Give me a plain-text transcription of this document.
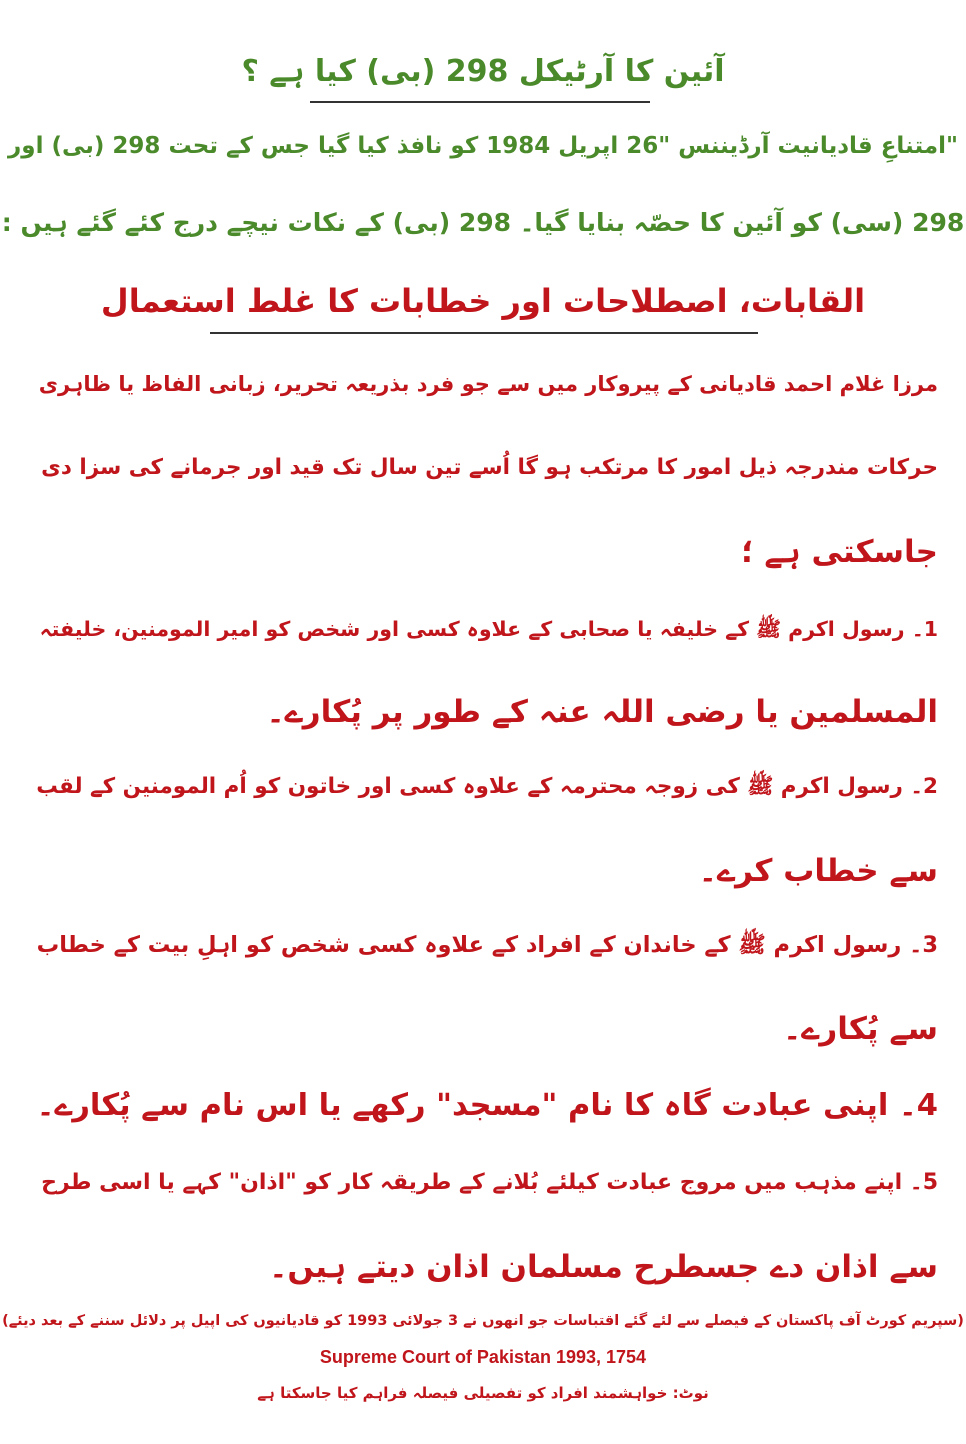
آئین کا آرٹیکل 298 (بی) کیا ہے ؟
"امتناعِ قادیانیت آرڈیننس "26 اپریل 1984 کو نافذ کیا گیا جس کے تحت 298 (بی) اور
298 (سی) کو آئین کا حصّہ بنایا گیا۔ 298 (بی) کے نکات نیچے درج کئے گئے ہیں :
القابات، اصطلاحات اور خطابات کا غلط استعمال
مرزا غلام احمد قادیانی کے پیروکار میں سے جو فرد بذریعہ تحریر، زبانی الفاظ یا ظاہری
حرکات مندرجہ ذیل امور کا مرتکب ہو گا اُسے تین سال تک قید اور جرمانے کی سزا دی
جاسکتی ہے ؛
1۔ رسول اکرم ﷺ کے خلیفہ یا صحابی کے علاوہ کسی اور شخص کو امیر المومنین، خلیفتہ
المسلمین یا رضی اللہ عنہ کے طور پر پُکارے۔
2۔ رسول اکرم ﷺ کی زوجہ محترمہ کے علاوہ کسی اور خاتون کو اُم المومنین کے لقب
سے خطاب کرے۔
3۔ رسول اکرم ﷺ کے خاندان کے افراد کے علاوہ کسی شخص کو اہلِ بیت کے خطاب
سے پُکارے۔
4۔ اپنی عبادت گاہ کا نام "مسجد" رکھے یا اس نام سے پُکارے۔
5۔ اپنے مذہب میں مروج عبادت کیلئے بُلانے کے طریقہ کار کو "اذان" کہے یا اسی طرح
سے اذان دے جسطرح مسلمان اذان دیتے ہیں۔
(سپریم کورٹ آف پاکستان کے فیصلے سے لئے گئے اقتباسات جو انھوں نے 3 جولائی 1993 کو قادیانیوں کی اپیل پر دلائل سننے کے بعد دیئے)
Supreme Court of Pakistan 1993, 1754
نوٹ: خواہشمند افراد کو تفصیلی فیصلہ فراہم کیا جاسکتا ہے
